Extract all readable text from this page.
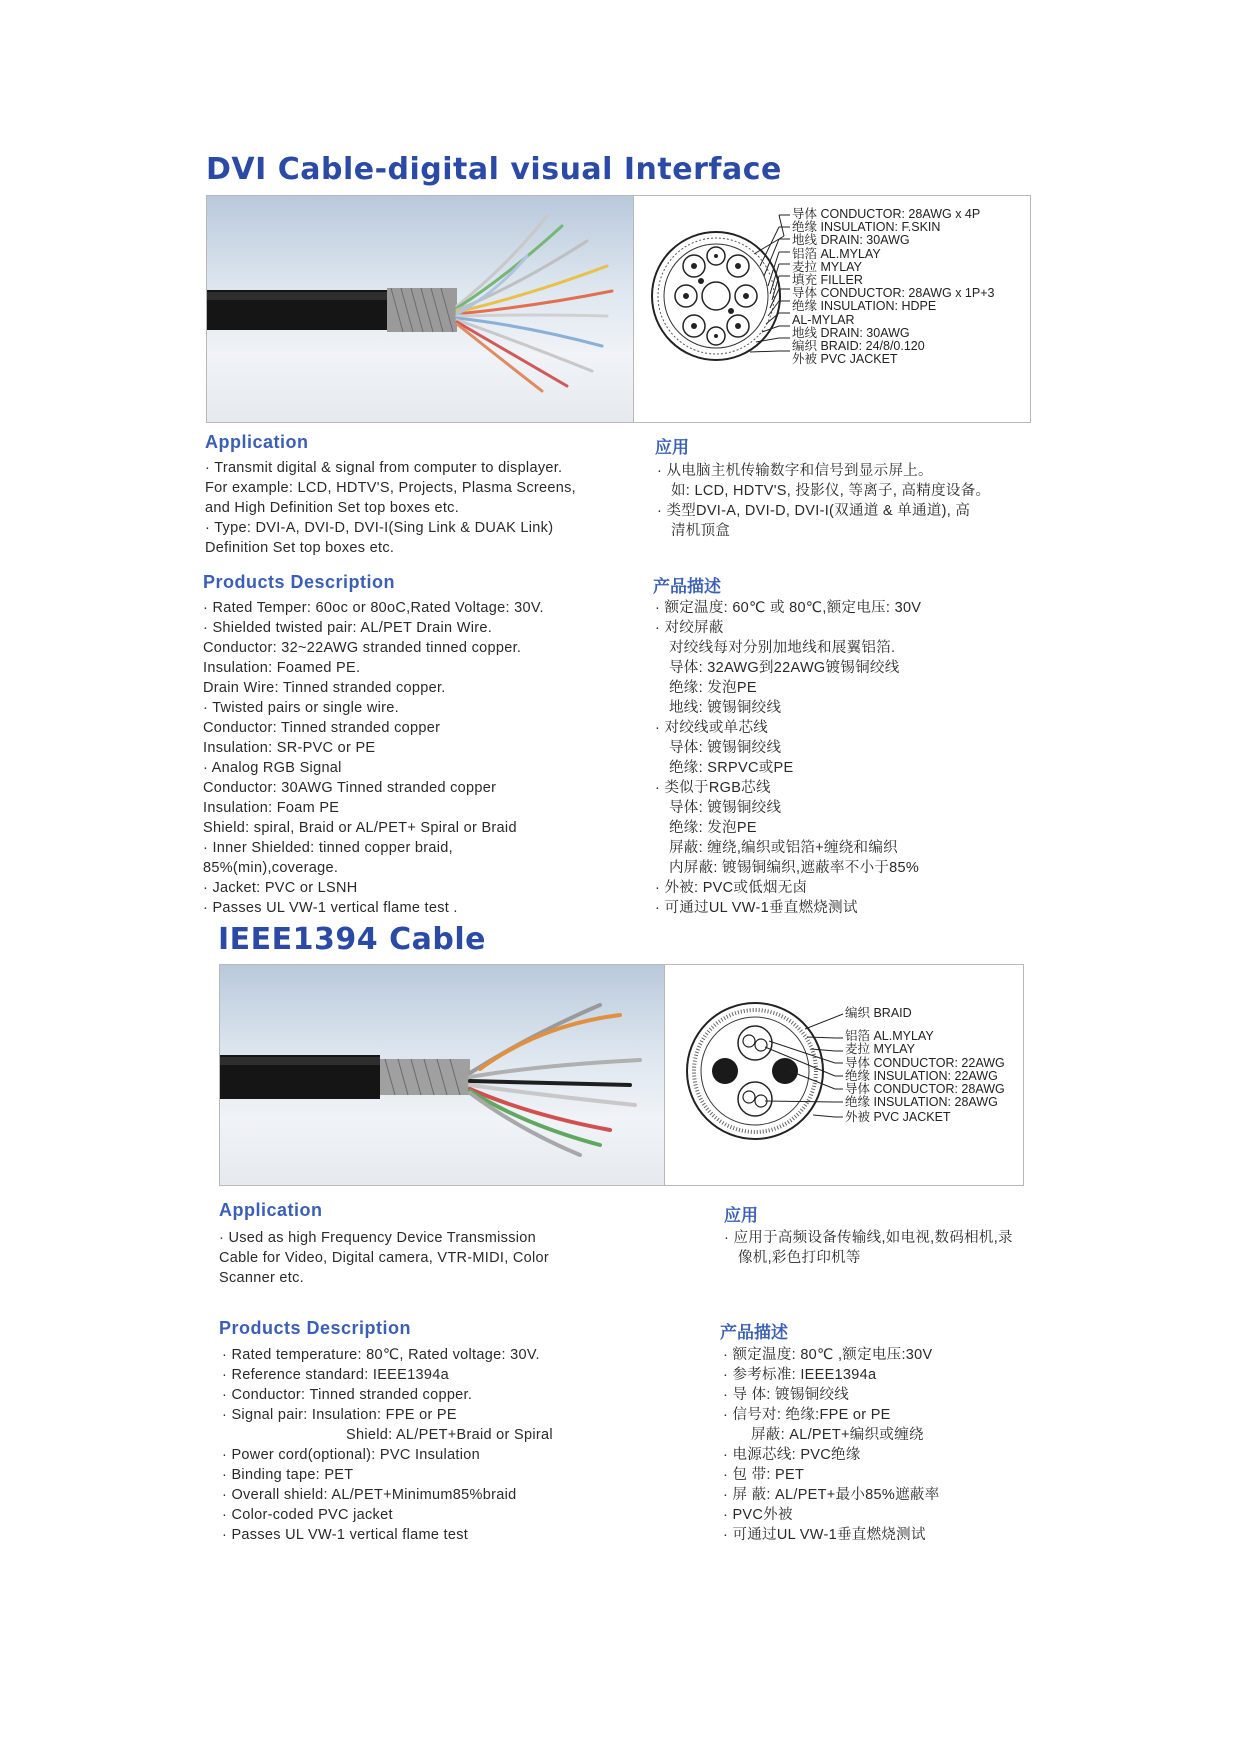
DVI Cable-digital visual Interface
导体 CONDUCTOR: 28AWG x 4P
绝缘 INSULATION: F.SKIN
地线 DRAIN: 30AWG
铝箔 AL.MYLAY
麦拉 MYLAY
填充 FILLER
导体 CONDUCTOR: 28AWG x 1P+3
绝缘 INSULATION: HDPE
AL-MYLAR
地线 DRAIN: 30AWG
编织 BRAID: 24/8/0.120
外被 PVC JACKET
Application
· Transmit digital & signal from computer to displayer.
For example: LCD, HDTV'S, Projects, Plasma Screens,
and High Definition Set top boxes etc.
· Type: DVI-A, DVI-D, DVI-I(Sing Link & DUAK Link)
Definition Set top boxes etc.
应用
· 从电脑主机传输数字和信号到显示屏上。
如: LCD, HDTV'S, 投影仪, 等离子, 高精度设备。
· 类型DVI-A, DVI-D, DVI-I(双通道 & 单通道), 高
清机顶盒
Products Description
· Rated Temper: 60oc or 80oC,Rated Voltage: 30V.
· Shielded twisted pair: AL/PET Drain Wire.
Conductor: 32~22AWG stranded tinned copper.
Insulation: Foamed PE.
Drain Wire: Tinned stranded copper.
· Twisted pairs or single wire.
Conductor: Tinned stranded copper
Insulation: SR-PVC or PE
· Analog RGB Signal
Conductor: 30AWG Tinned stranded copper
Insulation: Foam PE
Shield: spiral, Braid or AL/PET+ Spiral or Braid
· Inner Shielded: tinned copper braid,
85%(min),coverage.
· Jacket: PVC or LSNH
· Passes UL VW-1 vertical flame test .
产品描述
· 额定温度: 60℃ 或 80℃,额定电压: 30V
· 对绞屏蔽
对绞线每对分别加地线和展翼铝箔.
导体: 32AWG到22AWG镀锡铜绞线
绝缘: 发泡PE
地线: 镀锡铜绞线
· 对绞线或单芯线
导体: 镀锡铜绞线
绝缘: SRPVC或PE
· 类似于RGB芯线
导体: 镀锡铜绞线
绝缘: 发泡PE
屏蔽: 缠绕,编织或铝箔+缠绕和编织
内屏蔽: 镀锡铜编织,遮蔽率不小于85%
· 外被: PVC或低烟无卤
· 可通过UL VW-1垂直燃烧测试
IEEE1394 Cable
编织 BRAID
铝箔 AL.MYLAY
麦拉 MYLAY
导体 CONDUCTOR: 22AWG
绝缘 INSULATION: 22AWG
导体 CONDUCTOR: 28AWG
绝缘 INSULATION: 28AWG
外被 PVC JACKET
Application
· Used as high Frequency Device Transmission
Cable for Video, Digital camera, VTR-MIDI, Color
Scanner etc.
应用
· 应用于高频设备传输线,如电视,数码相机,录
像机,彩色打印机等
Products Description
· Rated temperature: 80℃, Rated voltage: 30V.
· Reference standard: IEEE1394a
· Conductor: Tinned stranded copper.
· Signal pair: Insulation: FPE or PE
Shield: AL/PET+Braid or Spiral
· Power cord(optional): PVC Insulation
· Binding tape: PET
· Overall shield: AL/PET+Minimum85%braid
· Color-coded PVC jacket
· Passes UL VW-1 vertical flame test
产品描述
· 额定温度: 80℃ ,额定电压:30V
· 参考标准: IEEE1394a
· 导 体: 镀锡铜绞线
· 信号对: 绝缘:FPE or PE
屏蔽: AL/PET+编织或缠绕
· 电源芯线: PVC绝缘
· 包 带: PET
· 屏 蔽: AL/PET+最小85%遮蔽率
· PVC外被
· 可通过UL VW-1垂直燃烧测试
